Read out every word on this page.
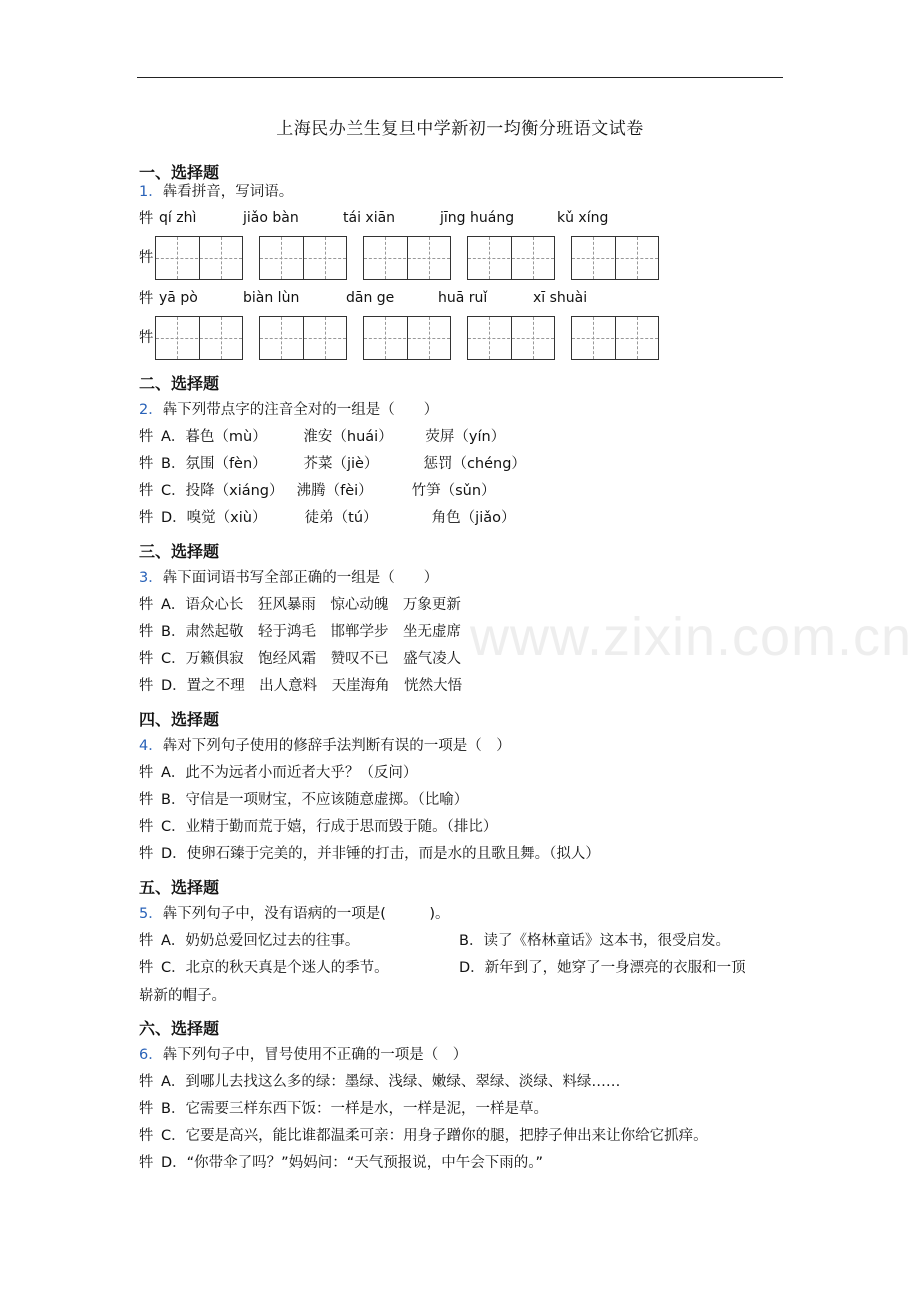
上海民办兰生复旦中学新初一均衡分班语文试卷
一、选择题
1．犇看拼音，写词语。
牪 qí zhì	jiǎo bàn	tái xiān	jīng huáng	kǔ xíng
牪
牪 yā pò	biàn lùn	dān ge	huā ruǐ	xī shuài
牪
二、选择题
2．犇下列带点字的注音全对的一组是（　　）
牪 A．暮色（mù）	淮安（huái） 荧屏（yín）
牪 B．氛围（fèn）	芥菜（jiè）	惩罚（chéng）
牪 C．投降（xiáng） 沸腾（fèi）	竹笋（sǔn）
牪 D．嗅觉（xiù）	徒弟（tú）	角色（jiǎo）
三、选择题
3．犇下面词语书写全部正确的一组是（　　）
牪 A．语众心长　狂风暴雨　惊心动魄　万象更新
牪 B．肃然起敬　轻于鸿毛　邯郸学步　坐无虚席
牪 C．万籁俱寂　饱经风霜　赞叹不已　盛气凌人
牪 D．置之不理　出人意料　天崖海角　恍然大悟
四、选择题
4．犇对下列句子使用的修辞手法判断有误的一项是（　）
牪 A．此不为远者小而近者大乎？（反问）
牪 B．守信是一项财宝，不应该随意虚掷。（比喻）
牪 C．业精于勤而荒于嬉，行成于思而毁于随。（排比）
牪 D．使卵石臻于完美的，并非锤的打击，而是水的且歌且舞。（拟人）
五、选择题
5．犇下列句子中，没有语病的一项是(　　　)。
牪 A．奶奶总爱回忆过去的往事。	B．读了《格林童话》这本书，很受启发。
牪 C．北京的秋天真是个迷人的季节。	D．新年到了，她穿了一身漂亮的衣服和一顶
崭新的帽子。
六、选择题
6．犇下列句子中，冒号使用不正确的一项是（　）
牪 A．到哪儿去找这么多的绿：墨绿、浅绿、嫩绿、翠绿、淡绿、料绿……
牪 B．它需要三样东西下饭：一样是水，一样是泥，一样是草。
牪 C．它要是高兴，能比谁都温柔可亲：用身子蹭你的腿，把脖子伸出来让你给它抓痒。
牪 D．“你带伞了吗？”妈妈问：“天气预报说，中午会下雨的。”
www.zixin.com.cn
